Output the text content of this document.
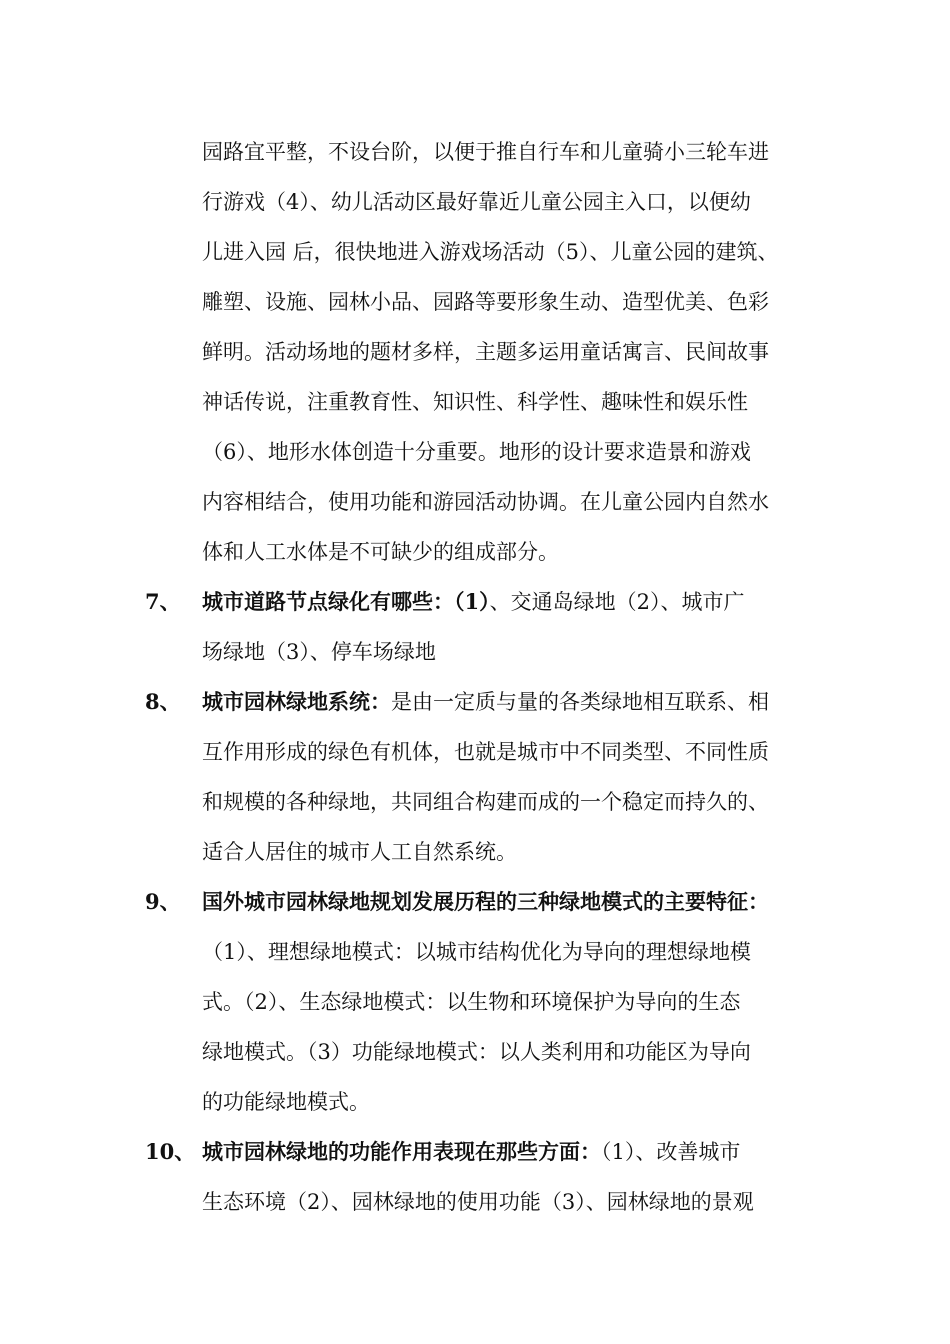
园路宜平整，不设台阶，以便于推自行车和儿童骑小三轮车进
行游戏（4）、幼儿活动区最好靠近儿童公园主入口，以便幼
儿进入园 后，很快地进入游戏场活动（5）、儿童公园的建筑、
雕塑、设施、园林小品、园路等要形象生动、造型优美、色彩
鲜明。活动场地的题材多样，主题多运用童话寓言、民间故事
神话传说，注重教育性、知识性、科学性、趣味性和娱乐性
（6）、地形水体创造十分重要。地形的设计要求造景和游戏
内容相结合，使用功能和游园活动协调。在儿童公园内自然水
体和人工水体是不可缺少的组成部分。
7、 城市道路节点绿化有哪些：（1）、交通岛绿地（2）、城市广
场绿地（3）、停车场绿地
8、 城市园林绿地系统：是由一定质与量的各类绿地相互联系、相
互作用形成的绿色有机体，也就是城市中不同类型、不同性质
和规模的各种绿地，共同组合构建而成的一个稳定而持久的、
适合人居住的城市人工自然系统。
9、 国外城市园林绿地规划发展历程的三种绿地模式的主要特征：
（1）、理想绿地模式：以城市结构优化为导向的理想绿地模
式。（2）、生态绿地模式：以生物和环境保护为导向的生态
绿地模式。（3）功能绿地模式：以人类利用和功能区为导向
的功能绿地模式。
10、 城市园林绿地的功能作用表现在那些方面：（1）、改善城市
生态环境（2）、园林绿地的使用功能（3）、园林绿地的景观
